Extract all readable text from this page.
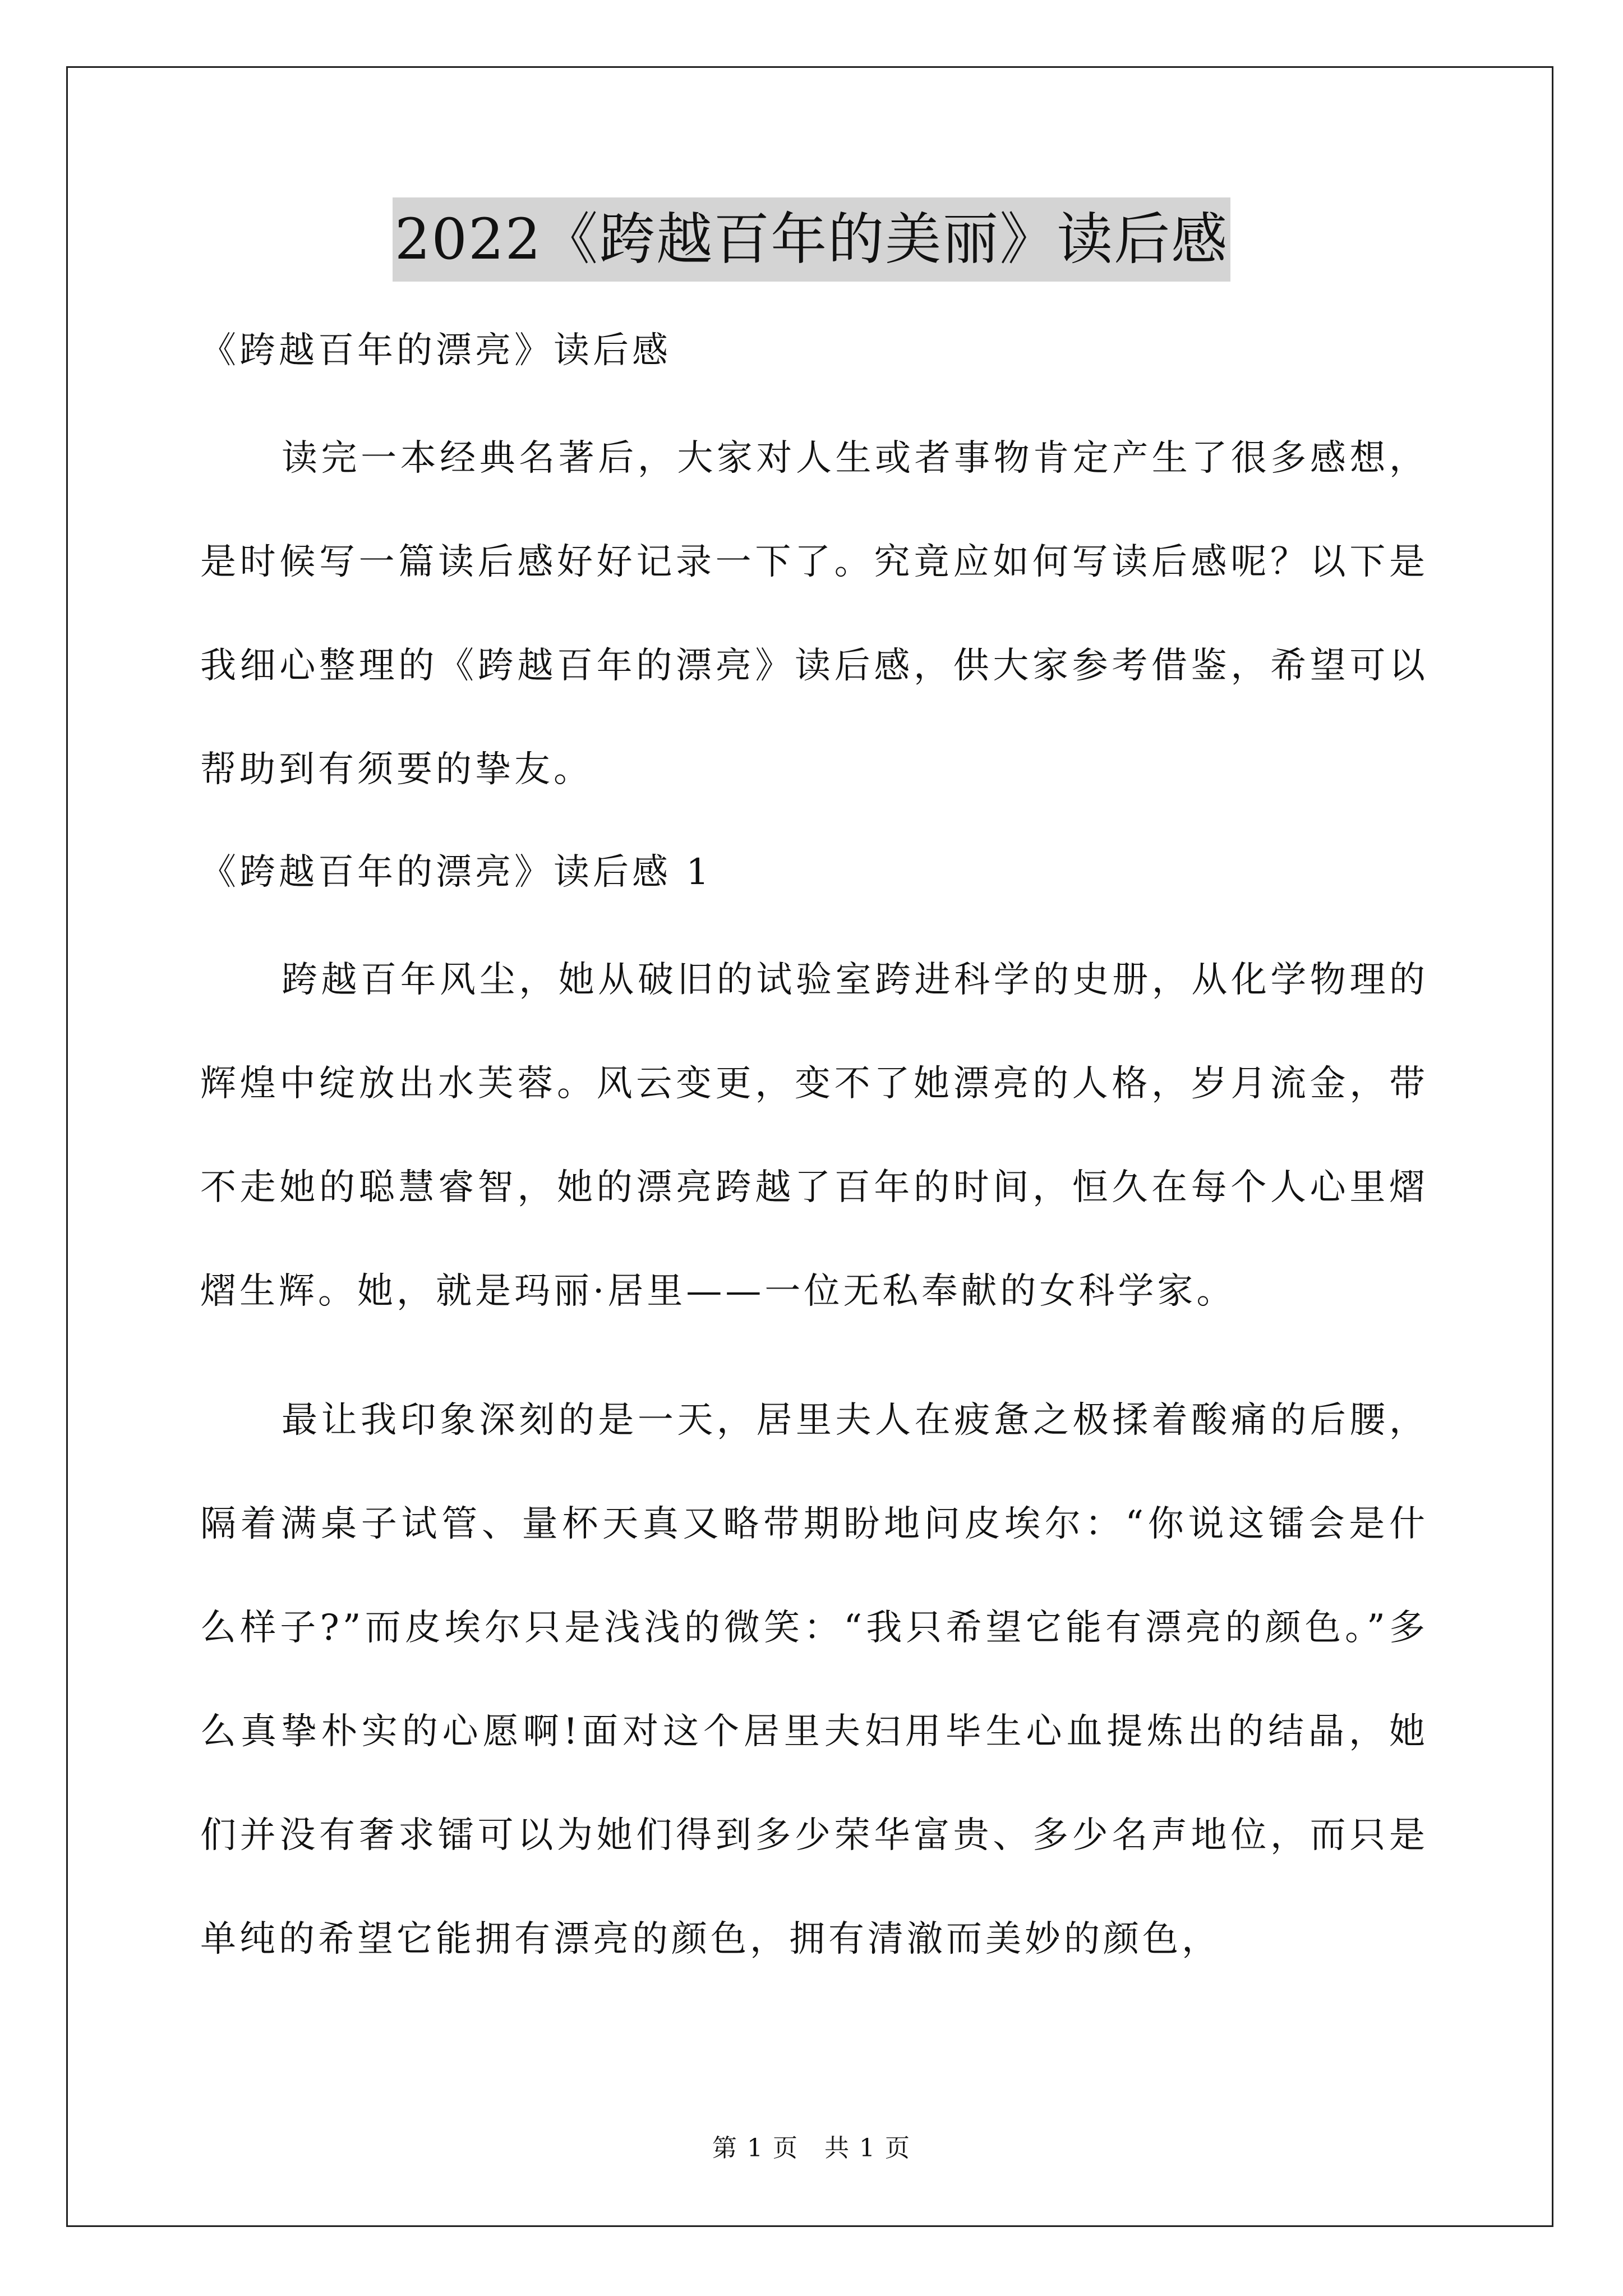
2022《跨越百年的美丽》读后感
《跨越百年的漂亮》读后感

读完一本经典名著后，大家对人生或者事物肯定产生了很多感想，是时候写一篇读后感好好记录一下了。究竟应如何写读后感呢？以下是我细心整理的《跨越百年的漂亮》读后感，供大家参考借鉴，希望可以帮助到有须要的挚友。

《跨越百年的漂亮》读后感 1

跨越百年风尘，她从破旧的试验室跨进科学的史册，从化学物理的辉煌中绽放出水芙蓉。风云变更，变不了她漂亮的人格，岁月流金，带不走她的聪慧睿智，她的漂亮跨越了百年的时间，恒久在每个人心里熠熠生辉。她，就是玛丽·居里——一位无私奉献的女科学家。

最让我印象深刻的是一天，居里夫人在疲惫之极揉着酸痛的后腰，隔着满桌子试管、量杯天真又略带期盼地问皮埃尔：“你说这镭会是什么样子?”而皮埃尔只是浅浅的微笑：“我只希望它能有漂亮的颜色。”多么真挚朴实的心愿啊!面对这个居里夫妇用毕生心血提炼出的结晶，她们并没有奢求镭可以为她们得到多少荣华富贵、多少名声地位，而只是单纯的希望它能拥有漂亮的颜色，拥有清澈而美妙的颜色，

第 1 页　共 1 页
